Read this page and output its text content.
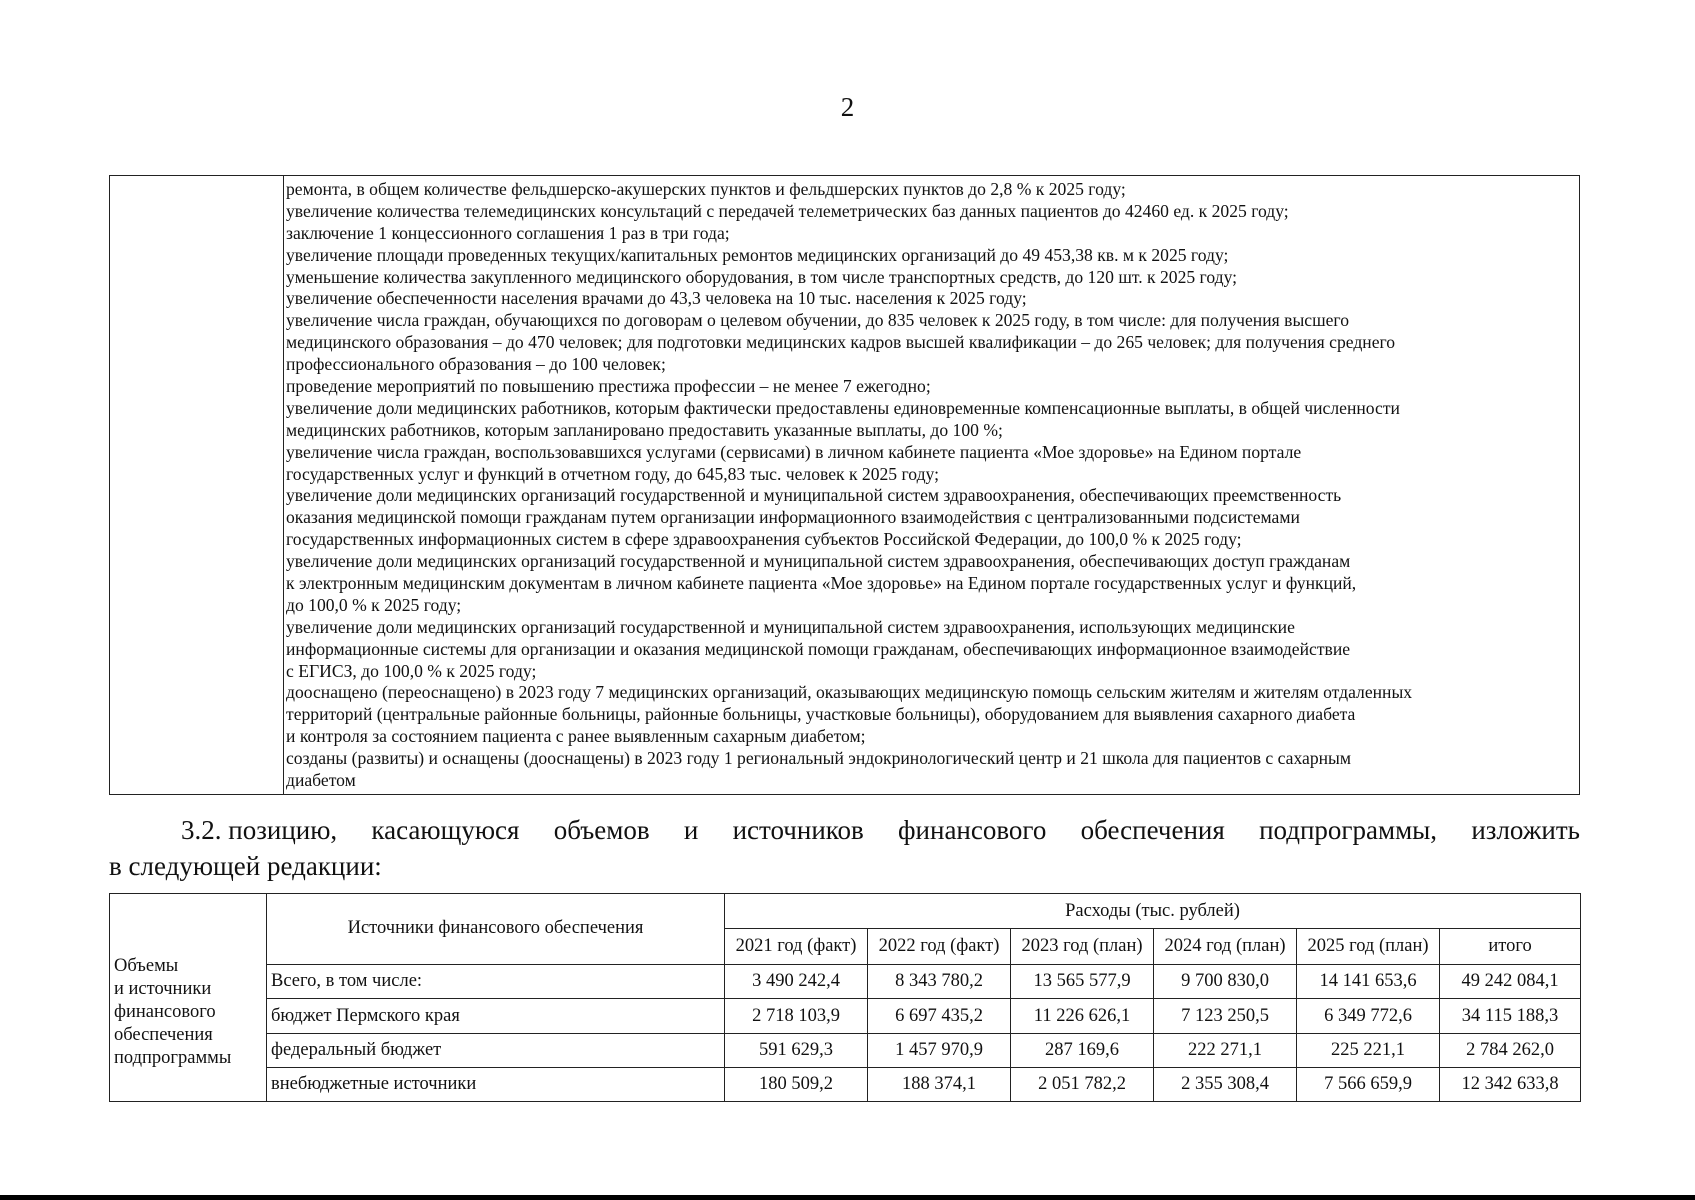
2
ремонта, в общем количестве фельдшерско-акушерских пунктов и фельдшерских пунктов до 2,8 % к 2025 году;
увеличение количества телемедицинских консультаций с передачей телеметрических баз данных пациентов до 42460 ед. к 2025 году;
заключение 1 концессионного соглашения 1 раз в три года;
увеличение площади проведенных текущих/капитальных ремонтов медицинских организаций до 49 453,38 кв. м к 2025 году;
уменьшение количества закупленного медицинского оборудования, в том числе транспортных средств, до 120 шт. к 2025 году;
увеличение обеспеченности населения врачами до 43,3 человека на 10 тыс. населения к 2025 году;
увеличение числа граждан, обучающихся по договорам о целевом обучении, до 835 человек к 2025 году, в том числе: для получения высшего
медицинского образования – до 470 человек; для подготовки медицинских кадров высшей квалификации – до 265 человек; для получения среднего
профессионального образования – до 100 человек;
проведение мероприятий по повышению престижа профессии – не менее 7 ежегодно;
увеличение доли медицинских работников, которым фактически предоставлены единовременные компенсационные выплаты, в общей численности
медицинских работников, которым запланировано предоставить указанные выплаты, до 100 %;
увеличение числа граждан, воспользовавшихся услугами (сервисами) в личном кабинете пациента «Мое здоровье» на Едином портале
государственных услуг и функций в отчетном году, до 645,83 тыс. человек к 2025 году;
увеличение доли медицинских организаций государственной и муниципальной систем здравоохранения, обеспечивающих преемственность
оказания медицинской помощи гражданам путем организации информационного взаимодействия с централизованными подсистемами
государственных информационных систем в сфере здравоохранения субъектов Российской Федерации, до 100,0 % к 2025 году;
увеличение доли медицинских организаций государственной и муниципальной систем здравоохранения, обеспечивающих доступ гражданам
к электронным медицинским документам в личном кабинете пациента «Мое здоровье» на Едином портале государственных услуг и функций,
до 100,0 % к 2025 году;
увеличение доли медицинских организаций государственной и муниципальной систем здравоохранения, использующих медицинские
информационные системы для организации и оказания медицинской помощи гражданам, обеспечивающих информационное взаимодействие
с ЕГИСЗ, до 100,0 % к 2025 году;
дооснащено (переоснащено) в 2023 году 7 медицинских организаций, оказывающих медицинскую помощь сельским жителям и жителям отдаленных
территорий (центральные районные больницы, районные больницы, участковые больницы), оборудованием для выявления сахарного диабета
и контроля за состоянием пациента с ранее выявленным сахарным диабетом;
созданы (развиты) и оснащены (дооснащены) в 2023 году 1 региональный эндокринологический центр и 21 школа для пациентов с сахарным
диабетом
3.2. позицию, касающуюся объемов и источников финансового обеспечения подпрограммы, изложить
в следующей редакции:
Объемы
и источники
финансового
обеспечения
подпрограммы	Источники финансового обеспечения	Расходы (тыс. рублей)					
		2021 год (факт)	2022 год (факт)	2023 год (план)	2024 год (план)	2025 год (план)	итого
	Всего, в том числе:	3 490 242,4	8 343 780,2	13 565 577,9	9 700 830,0	14 141 653,6	49 242 084,1
	бюджет Пермского края	2 718 103,9	6 697 435,2	11 226 626,1	7 123 250,5	6 349 772,6	34 115 188,3
	федеральный бюджет	591 629,3	1 457 970,9	287 169,6	222 271,1	225 221,1	2 784 262,0
	внебюджетные источники	180 509,2	188 374,1	2 051 782,2	2 355 308,4	7 566 659,9	12 342 633,8
